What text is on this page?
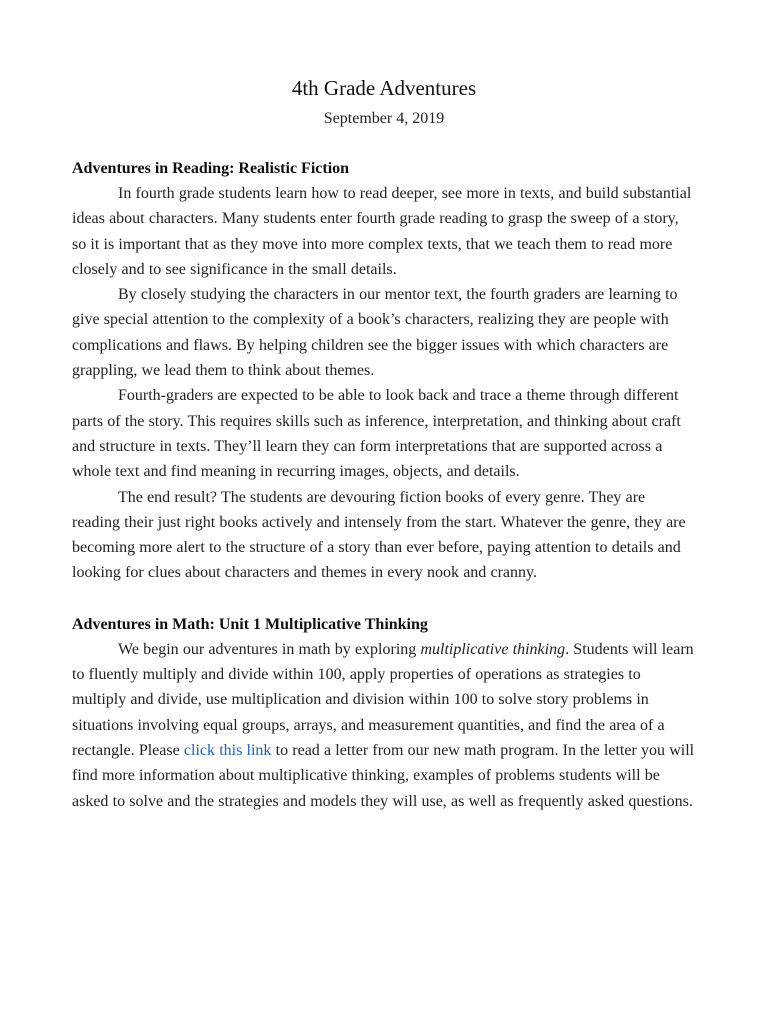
4th Grade Adventures

September 4, 2019

Adventures in Reading: Realistic Fiction

In fourth grade students learn how to read deeper, see more in texts, and build substantial ideas about characters. Many students enter fourth grade reading to grasp the sweep of a story, so it is important that as they move into more complex texts, that we teach them to read more closely and to see significance in the small details.

By closely studying the characters in our mentor text, the fourth graders are learning to give special attention to the complexity of a book’s characters, realizing they are people with complications and flaws. By helping children see the bigger issues with which characters are grappling, we lead them to think about themes.

Fourth-graders are expected to be able to look back and trace a theme through different parts of the story. This requires skills such as inference, interpretation, and thinking about craft and structure in texts. They’ll learn they can form interpretations that are supported across a whole text and find meaning in recurring images, objects, and details.

The end result? The students are devouring fiction books of every genre. They are reading their just right books actively and intensely from the start. Whatever the genre, they are becoming more alert to the structure of a story than ever before, paying attention to details and looking for clues about characters and themes in every nook and cranny.

Adventures in Math: Unit 1 Multiplicative Thinking

We begin our adventures in math by exploring multiplicative thinking. Students will learn to fluently multiply and divide within 100, apply properties of operations as strategies to multiply and divide, use multiplication and division within 100 to solve story problems in situations involving equal groups, arrays, and measurement quantities, and find the area of a rectangle. Please click this link to read a letter from our new math program. In the letter you will find more information about multiplicative thinking, examples of problems students will be asked to solve and the strategies and models they will use, as well as frequently asked questions.
